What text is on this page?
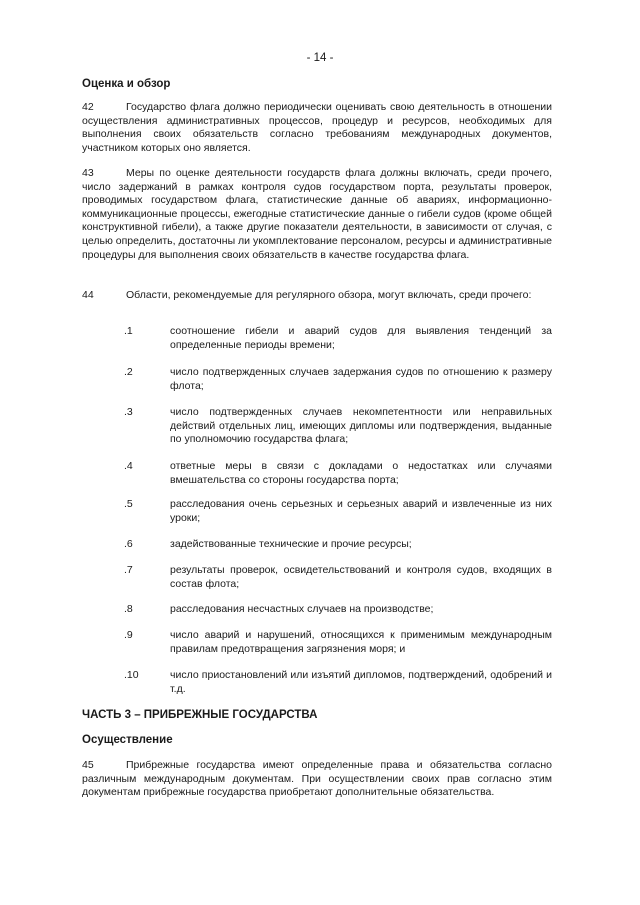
- 14 -
Оценка и обзор
42	Государство флага должно периодически оценивать свою деятельность в отношении осуществления административных процессов, процедур и ресурсов, необходимых для выполнения своих обязательств согласно требованиям международных документов, участником которых оно является.
43	Меры по оценке деятельности государств флага должны включать, среди прочего, число задержаний в рамках контроля судов государством порта, результаты проверок, проводимых государством флага, статистические данные об авариях, информационно-коммуникационные процессы, ежегодные статистические данные о гибели судов (кроме общей конструктивной гибели), а также другие показатели деятельности, в зависимости от случая, с целью определить, достаточны ли укомплектование персоналом, ресурсы и административные процедуры для выполнения своих обязательств в качестве государства флага.
44	Области, рекомендуемые для регулярного обзора, могут включать, среди прочего:
.1	соотношение гибели и аварий судов для выявления тенденций за определенные периоды времени;
.2	число подтвержденных случаев задержания судов по отношению к размеру флота;
.3	число подтвержденных случаев некомпетентности или неправильных действий отдельных лиц, имеющих дипломы или подтверждения, выданные по уполномочию государства флага;
.4	ответные меры в связи с докладами о недостатках или случаями вмешательства со стороны государства порта;
.5	расследования очень серьезных и серьезных аварий и извлеченные из них уроки;
.6	задействованные технические и прочие ресурсы;
.7	результаты проверок, освидетельствований и контроля судов, входящих в состав флота;
.8	расследования несчастных случаев на производстве;
.9	число аварий и нарушений, относящихся к применимым международным правилам предотвращения загрязнения моря; и
.10	число приостановлений или изъятий дипломов, подтверждений, одобрений и т.д.
ЧАСТЬ 3 – ПРИБРЕЖНЫЕ ГОСУДАРСТВА
Осуществление
45	Прибрежные государства имеют определенные права и обязательства согласно различным международным документам. При осуществлении своих прав согласно этим документам прибрежные государства приобретают дополнительные обязательства.
